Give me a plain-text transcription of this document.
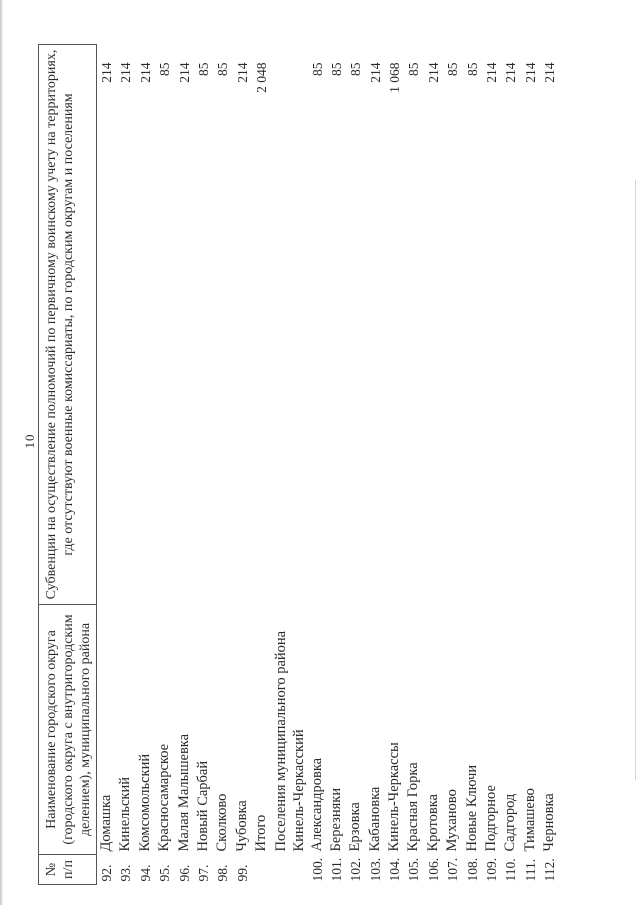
10
№ п/п	Наименование городского округа (городского округа с внутригородским делением), муниципального района	Субвенции на осуществление полномочий по первичному воинскому учету на территориях, где отсутствуют военные комиссариаты, по городским округам и поселениям
92.	Домашка	214
93.	Кинельский	214
94.	Комсомольский	214
95.	Красносамарское	85
96.	Малая Малышевка	214
97.	Новый Сарбай	85
98.	Сколково	85
99.	Чубовка	214
	Итого	2 048
	Поселения муниципального района Кинель-Черкасский	
100.	Александровка	85
101.	Березняки	85
102.	Ерзовка	85
103.	Кабановка	214
104.	Кинель-Черкассы	1 068
105.	Красная Горка	85
106.	Кротовка	214
107.	Мухановo	85
108.	Новые Ключи	85
109.	Подгорное	214
110.	Садгород	214
111.	Тимашево	214
112.	Черновка	214
